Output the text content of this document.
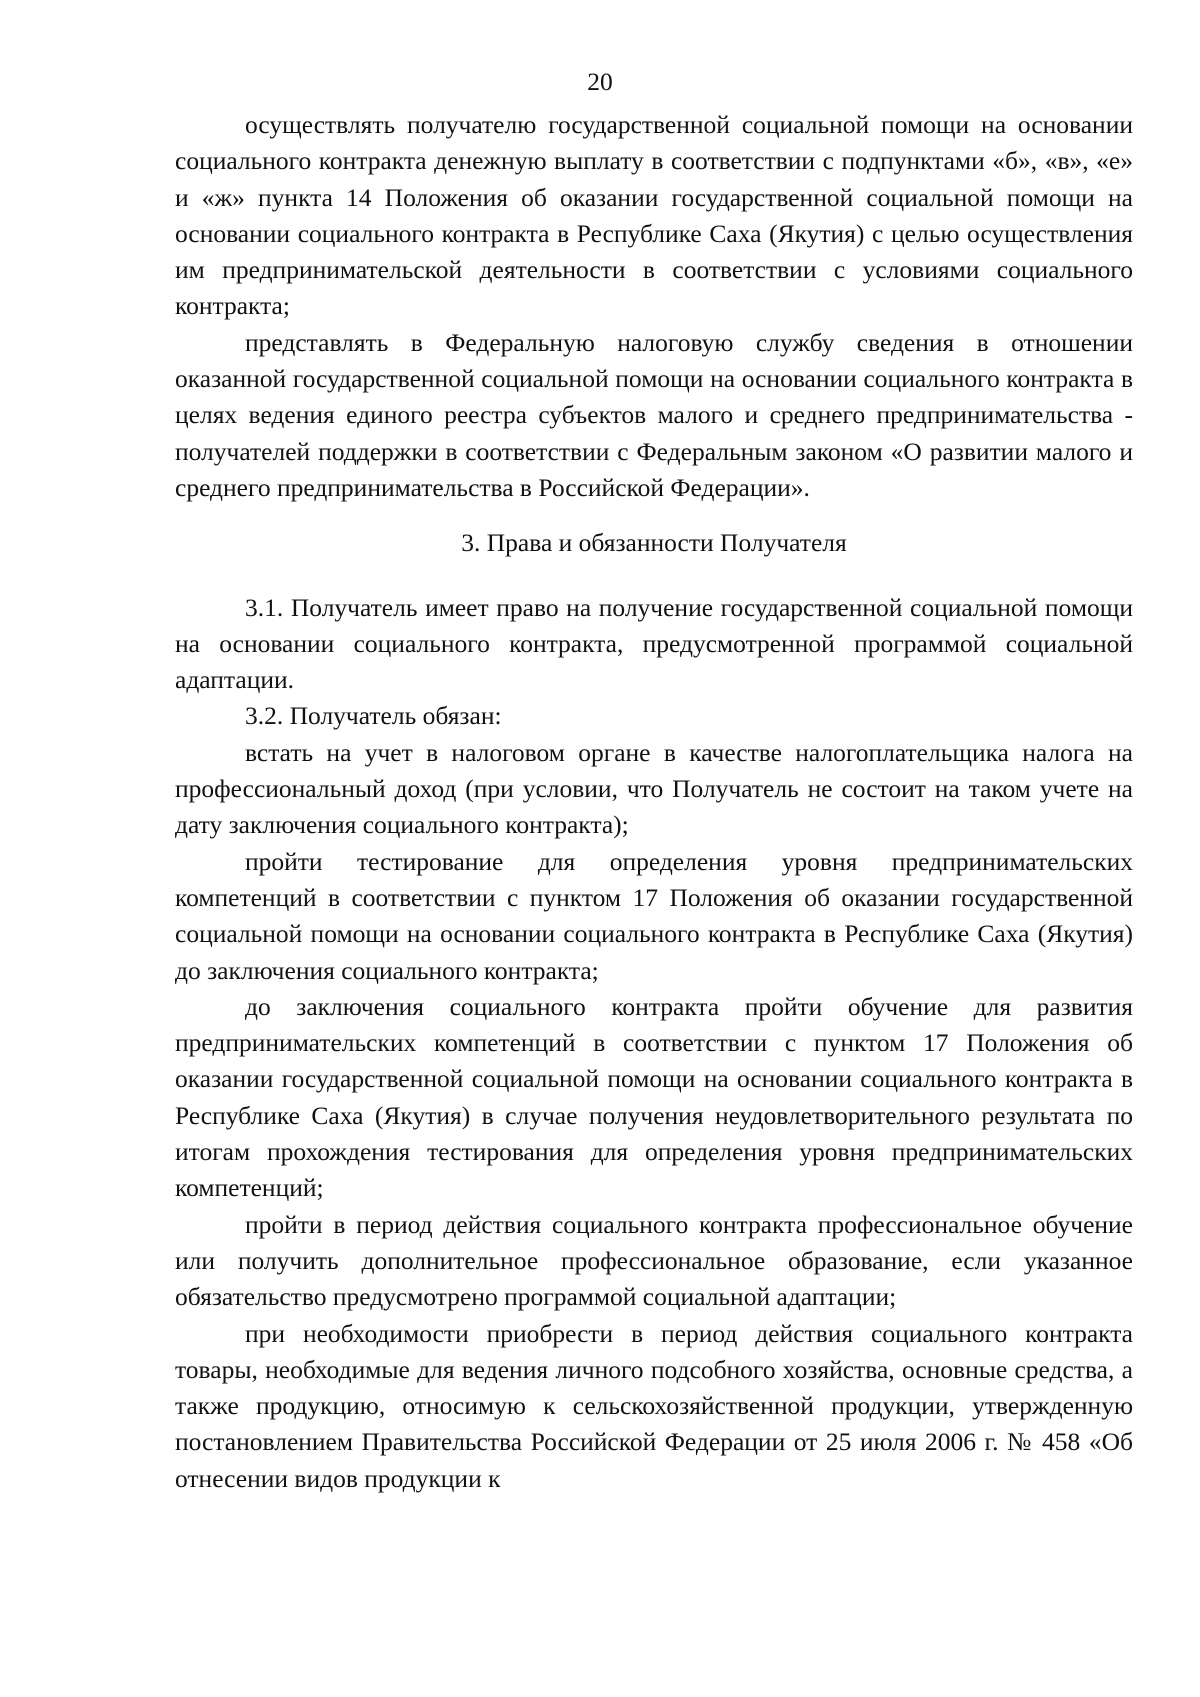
20

осуществлять получателю государственной социальной помощи на основании социального контракта денежную выплату в соответствии с подпунктами «б», «в», «е» и «ж» пункта 14 Положения об оказании государственной социальной помощи на основании социального контракта в Республике Саха (Якутия) с целью осуществления им предпринимательской деятельности в соответствии с условиями социального контракта;

представлять в Федеральную налоговую службу сведения в отношении оказанной государственной социальной помощи на основании социального контракта в целях ведения единого реестра субъектов малого и среднего предпринимательства - получателей поддержки в соответствии с Федеральным законом «О развитии малого и среднего предпринимательства в Российской Федерации».

3. Права и обязанности Получателя

3.1. Получатель имеет право на получение государственной социальной помощи на основании социального контракта, предусмотренной программой социальной адаптации.

3.2. Получатель обязан:

встать на учет в налоговом органе в качестве налогоплательщика налога на профессиональный доход (при условии, что Получатель не состоит на таком учете на дату заключения социального контракта);

пройти тестирование для определения уровня предпринимательских компетенций в соответствии с пунктом 17 Положения об оказании государственной социальной помощи на основании социального контракта в Республике Саха (Якутия) до заключения социального контракта;

до заключения социального контракта пройти обучение для развития предпринимательских компетенций в соответствии с пунктом 17 Положения об оказании государственной социальной помощи на основании социального контракта в Республике Саха (Якутия) в случае получения неудовлетворительного результата по итогам прохождения тестирования для определения уровня предпринимательских компетенций;

пройти в период действия социального контракта профессиональное обучение или получить дополнительное профессиональное образование, если указанное обязательство предусмотрено программой социальной адаптации;

при необходимости приобрести в период действия социального контракта товары, необходимые для ведения личного подсобного хозяйства, основные средства, а также продукцию, относимую к сельскохозяйственной продукции, утвержденную постановлением Правительства Российской Федерации от 25 июля 2006 г. № 458 «Об отнесении видов продукции к
